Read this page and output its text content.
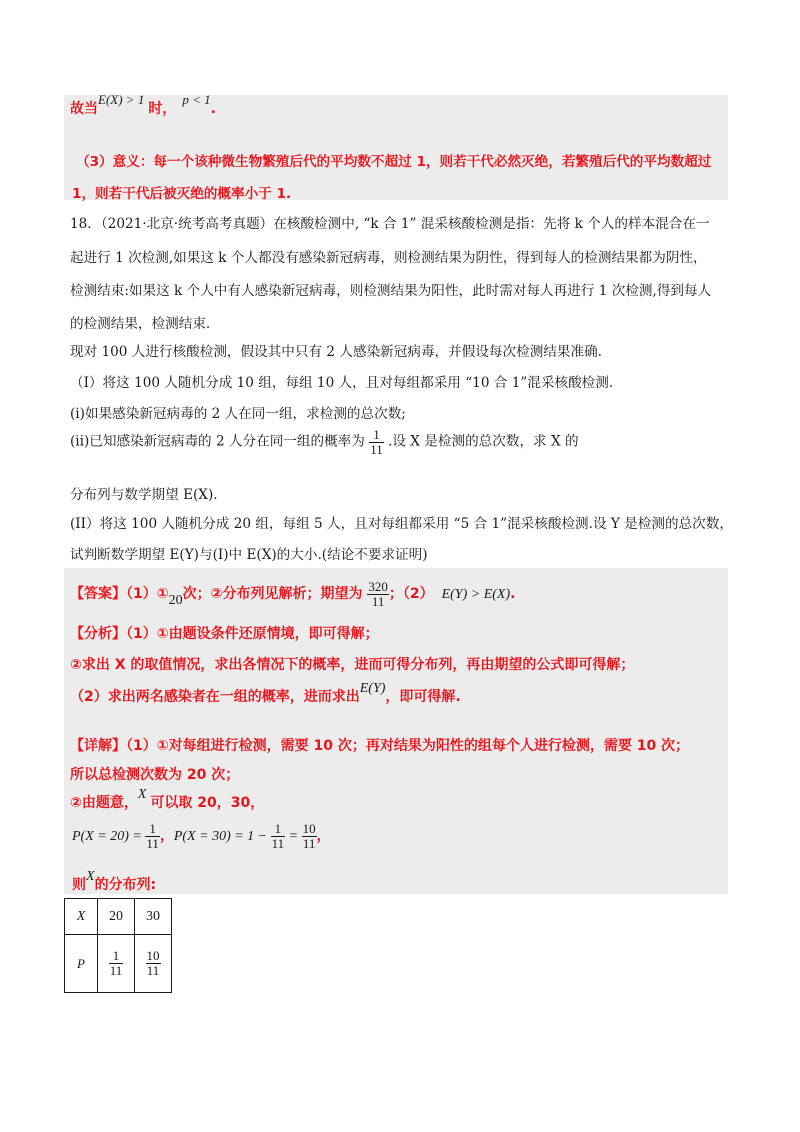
故当E(X) > 1时，p < 1.
（3）意义：每一个该种微生物繁殖后代的平均数不超过 1，则若干代必然灭绝，若繁殖后代的平均数超过
1，则若干代后被灭绝的概率小于 1.
18．（2021·北京·统考高考真题）在核酸检测中, “k 合 1” 混采核酸检测是指：先将 k 个人的样本混合在一
起进行 1 次检测,如果这 k 个人都没有感染新冠病毒，则检测结果为阴性，得到每人的检测结果都为阴性，
检测结束:如果这 k 个人中有人感染新冠病毒，则检测结果为阳性，此时需对每人再进行 1 次检测,得到每人
的检测结果，检测结束.
现对 100 人进行核酸检测，假设其中只有 2 人感染新冠病毒，并假设每次检测结果准确.
（I）将这 100 人随机分成 10 组，每组 10 人，且对每组都采用 “10 合 1”混采核酸检测.
(i)如果感染新冠病毒的 2 人在同一组，求检测的总次数;
(ii)已知感染新冠病毒的 2 人分在同一组的概率为 $\frac{1}{11}$ .设 X 是检测的总次数，求 X 的
分布列与数学期望 E(X).
(II）将这 100 人随机分成 20 组，每组 5 人，且对每组都采用 “5 合 1”混采核酸检测.设 Y 是检测的总次数，
试判断数学期望 E(Y)与(I)中 E(X)的大小.(结论不要求证明)
【答案】（1）①20次；②分布列见解析；期望为 $\frac{320}{11}$ ；（2） E(Y) > E(X).
【分析】（1）①由题设条件还原情境，即可得解；
②求出 X 的取值情况，求出各情况下的概率，进而可得分布列，再由期望的公式即可得解；
（2）求出两名感染者在一组的概率，进而求出E(Y)，即可得解.
【详解】（1）①对每组进行检测，需要 10 次；再对结果为阳性的组每个人进行检测，需要 10 次；
所以总检测次数为 20 次；
②由题意，X可以取 20，30，
$P(X = 20) = \frac{1}{11}$ ，$P(X = 30) = 1 - \frac{1}{11} = \frac{10}{11}$ ，
则X的分布列:
X	20	30
P	$\frac{1}{11}$	$\frac{10}{11}$
